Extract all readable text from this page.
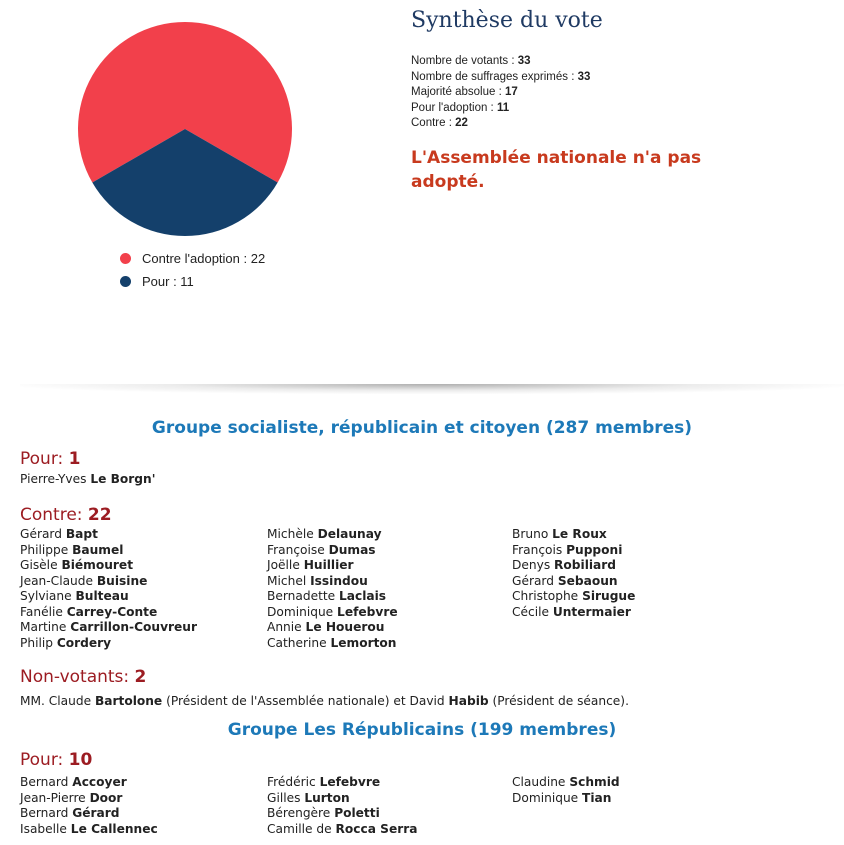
Contre l'adoption : 22
Pour : 11
Synthèse du vote
Nombre de votants : 33
Nombre de suffrages exprimés : 33
Majorité absolue : 17
Pour l'adoption : 11
Contre : 22
L'Assemblée nationale n'a pas adopté.
Groupe socialiste, républicain et citoyen (287 membres)
Pour: 1
Pierre-Yves Le Borgn'
Contre: 22
Gérard Bapt
Philippe Baumel
Gisèle Biémouret
Jean-Claude Buisine
Sylviane Bulteau
Fanélie Carrey-Conte
Martine Carrillon-Couvreur
Philip Cordery
Michèle Delaunay
Françoise Dumas
Joëlle Huillier
Michel Issindou
Bernadette Laclais
Dominique Lefebvre
Annie Le Houerou
Catherine Lemorton
Bruno Le Roux
François Pupponi
Denys Robiliard
Gérard Sebaoun
Christophe Sirugue
Cécile Untermaier
Non-votants: 2
MM. Claude Bartolone (Président de l'Assemblée nationale) et David Habib (Président de séance).
Groupe Les Républicains (199 membres)
Pour: 10
Bernard Accoyer
Jean-Pierre Door
Bernard Gérard
Isabelle Le Callennec
Frédéric Lefebvre
Gilles Lurton
Bérengère Poletti
Camille de Rocca Serra
Claudine Schmid
Dominique Tian
